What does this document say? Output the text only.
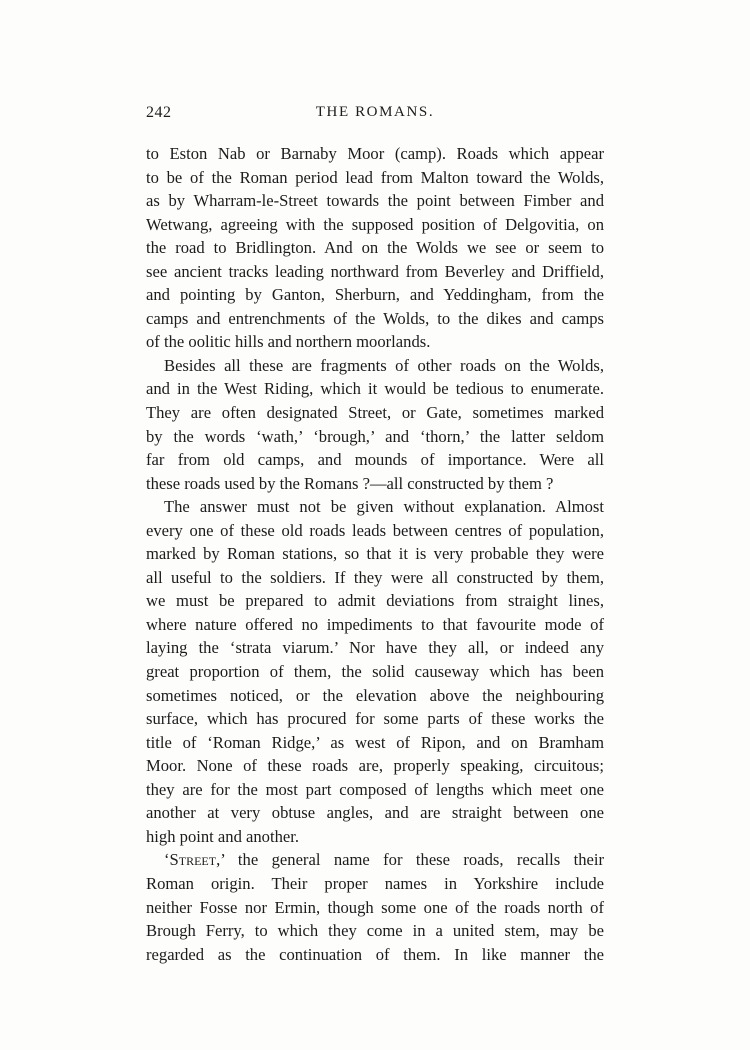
242	THE ROMANS.
to Eston Nab or Barnaby Moor (camp). Roads which appear
to be of the Roman period lead from Malton toward the Wolds,
as by Wharram-le-Street towards the point between Fimber and
Wetwang, agreeing with the supposed position of Delgovitia, on
the road to Bridlington. And on the Wolds we see or seem to
see ancient tracks leading northward from Beverley and Driffield,
and pointing by Ganton, Sherburn, and Yeddingham, from the
camps and entrenchments of the Wolds, to the dikes and camps
of the oolitic hills and northern moorlands.
Besides all these are fragments of other roads on the Wolds,
and in the West Riding, which it would be tedious to enumerate.
They are often designated Street, or Gate, sometimes marked
by the words ‘wath,’ ‘brough,’ and ‘thorn,’ the latter seldom
far from old camps, and mounds of importance. Were all
these roads used by the Romans ?—all constructed by them ?
The answer must not be given without explanation. Almost
every one of these old roads leads between centres of population,
marked by Roman stations, so that it is very probable they were
all useful to the soldiers. If they were all constructed by them,
we must be prepared to admit deviations from straight lines,
where nature offered no impediments to that favourite mode of
laying the ‘strata viarum.’ Nor have they all, or indeed any
great proportion of them, the solid causeway which has been
sometimes noticed, or the elevation above the neighbouring
surface, which has procured for some parts of these works the
title of ‘Roman Ridge,’ as west of Ripon, and on Bramham
Moor. None of these roads are, properly speaking, circuitous;
they are for the most part composed of lengths which meet one
another at very obtuse angles, and are straight between one
high point and another.
‘Street,’ the general name for these roads, recalls their
Roman origin. Their proper names in Yorkshire include
neither Fosse nor Ermin, though some one of the roads north of
Brough Ferry, to which they come in a united stem, may be
regarded as the continuation of them. In like manner the
